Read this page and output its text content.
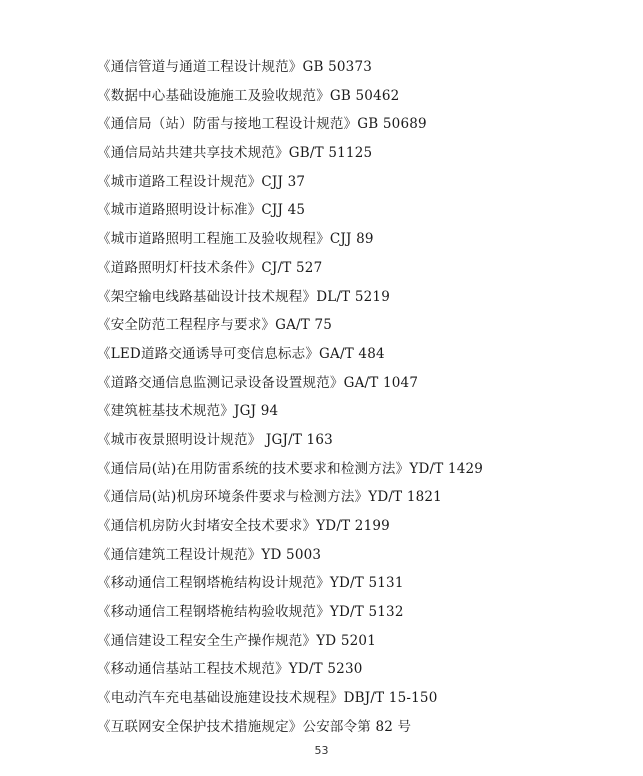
《通信管道与通道工程设计规范》GB 50373
《数据中心基础设施施工及验收规范》GB 50462
《通信局（站）防雷与接地工程设计规范》GB 50689
《通信局站共建共享技术规范》GB/T 51125
《城市道路工程设计规范》CJJ 37
《城市道路照明设计标准》CJJ 45
《城市道路照明工程施工及验收规程》CJJ 89
《道路照明灯杆技术条件》CJ/T 527
《架空输电线路基础设计技术规程》DL/T 5219
《安全防范工程程序与要求》GA/T 75
《LED道路交通诱导可变信息标志》GA/T 484
《道路交通信息监测记录设备设置规范》GA/T 1047
《建筑桩基技术规范》JGJ 94
《城市夜景照明设计规范》 JGJ/T 163
《通信局(站)在用防雷系统的技术要求和检测方法》YD/T 1429
《通信局(站)机房环境条件要求与检测方法》YD/T 1821
《通信机房防火封堵安全技术要求》YD/T 2199
《通信建筑工程设计规范》YD 5003
《移动通信工程钢塔桅结构设计规范》YD/T 5131
《移动通信工程钢塔桅结构验收规范》YD/T 5132
《通信建设工程安全生产操作规范》YD 5201
《移动通信基站工程技术规范》YD/T 5230
《电动汽车充电基础设施建设技术规程》DBJ/T 15-150
《互联网安全保护技术措施规定》公安部令第 82 号
53
